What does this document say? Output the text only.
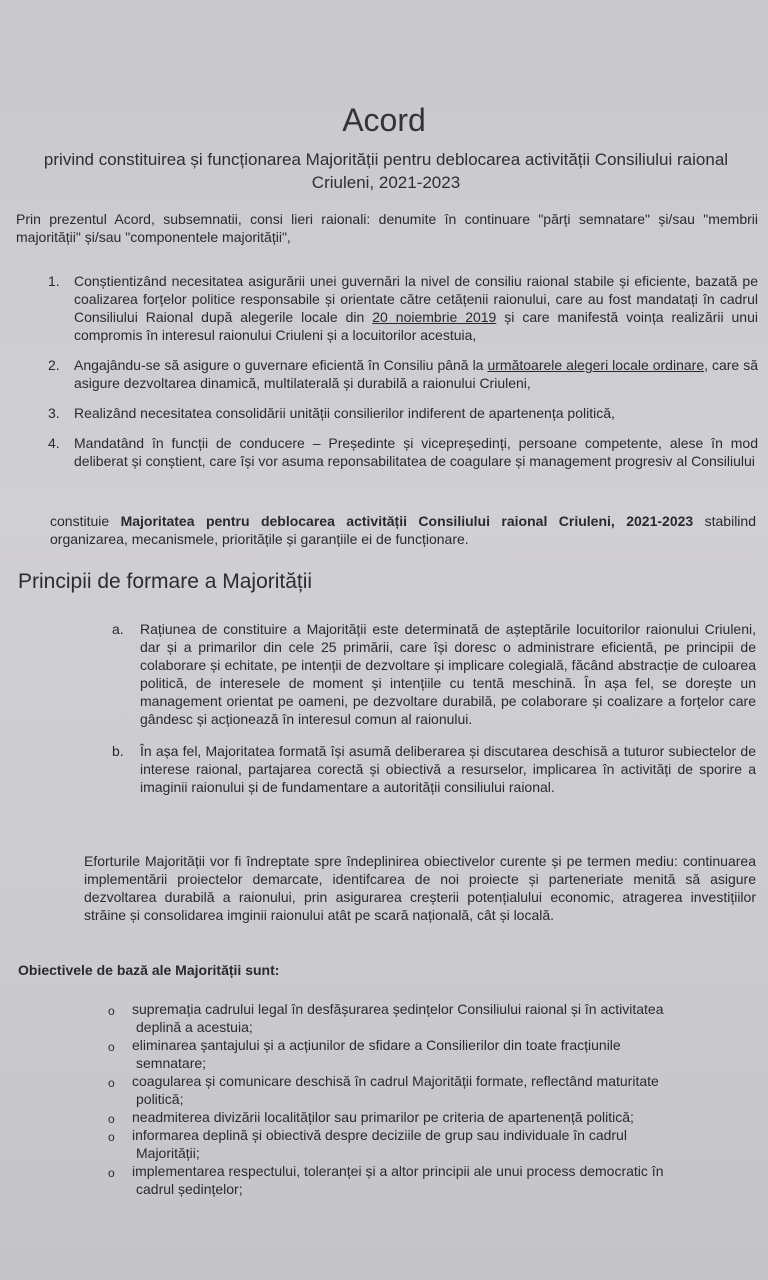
Acord

privind constituirea și funcționarea Majorității pentru deblocarea activității Consiliului raional Criuleni, 2021-2023

Prin prezentul Acord, subsemnatii, consi lieri raionali: denumite în continuare "părți semnatare" și/sau "membrii majorității" și/sau "componentele majorității",

1. Conștientizând necesitatea asigurării unei guvernări la nivel de consiliu raional stabile și eficiente, bazată pe coalizarea forțelor politice responsabile și orientate către cetățenii raionului, care au fost mandatați în cadrul Consiliului Raional după alegerile locale din 20 noiembrie 2019 și care manifestă voința realizării unui compromis în interesul raionului Criuleni și a locuitorilor acestuia,
2. Angajându-se să asigure o guvernare eficientă în Consiliu până la următoarele alegeri locale ordinare, care să asigure dezvoltarea dinamică, multilaterală și durabilă a raionului Criuleni,
3. Realizând necesitatea consolidării unității consilierilor indiferent de apartenența politică,
4. Mandatând în funcții de conducere – Președinte și vicepreședinți, persoane competente, alese în mod deliberat și conștient, care își vor asuma reponsabilitatea de coagulare și management progresiv al Consiliului

constituie Majoritatea pentru deblocarea activității Consiliului raional Criuleni, 2021-2023 stabilind organizarea, mecanismele, prioritățile și garanțiile ei de funcționare.

Principii de formare a Majorității
a. Rațiunea de constituire a Majorității este determinată de așteptările locuitorilor raionului Criuleni, dar și a primarilor din cele 25 primării, care își doresc o administrare eficientă, pe principii de colaborare și echitate, pe intenții de dezvoltare și implicare colegială, făcând abstracție de culoarea politică, de interesele de moment și intențiile cu tentă meschină. În așa fel, se dorește un management orientat pe oameni, pe dezvoltare durabilă, pe colaborare și coalizare a forțelor care gândesc și acționează în interesul comun al raionului.
b. În așa fel, Majoritatea formată își asumă deliberarea și discutarea deschisă a tuturor subiectelor de interese raional, partajarea corectă și obiectivă a resurselor, implicarea în activități de sporire a imaginii raionului și de fundamentare a autorității consiliului raional.

Eforturile Majorității vor fi îndreptate spre îndeplinirea obiectivelor curente și pe termen mediu: continuarea implementării proiectelor demarcate, identifcarea de noi proiecte și parteneriate menită să asigure dezvoltarea durabilă a raionului, prin asigurarea creșterii potențialului economic, atragerea investițiilor străine și consolidarea imginii raionului atât pe scară națională, cât și locală.

Obiectivele de bază ale Majorității sunt:

o supremația cadrului legal în desfășurarea ședințelor Consiliului raional și în activitatea
deplină a acestuia;
o eliminarea șantajului și a acțiunilor de sfidare a Consilierilor din toate fracțiunile
semnatare;
o coagularea și comunicare deschisă în cadrul Majorității formate, reflectând maturitate
politică;
o neadmiterea divizării localităților sau primarilor pe criteria de apartenență politică;
o informarea deplină și obiectivă despre deciziile de grup sau individuale în cadrul
Majorității;
o implementarea respectului, toleranței și a altor principii ale unui process democratic în
cadrul ședințelor;
